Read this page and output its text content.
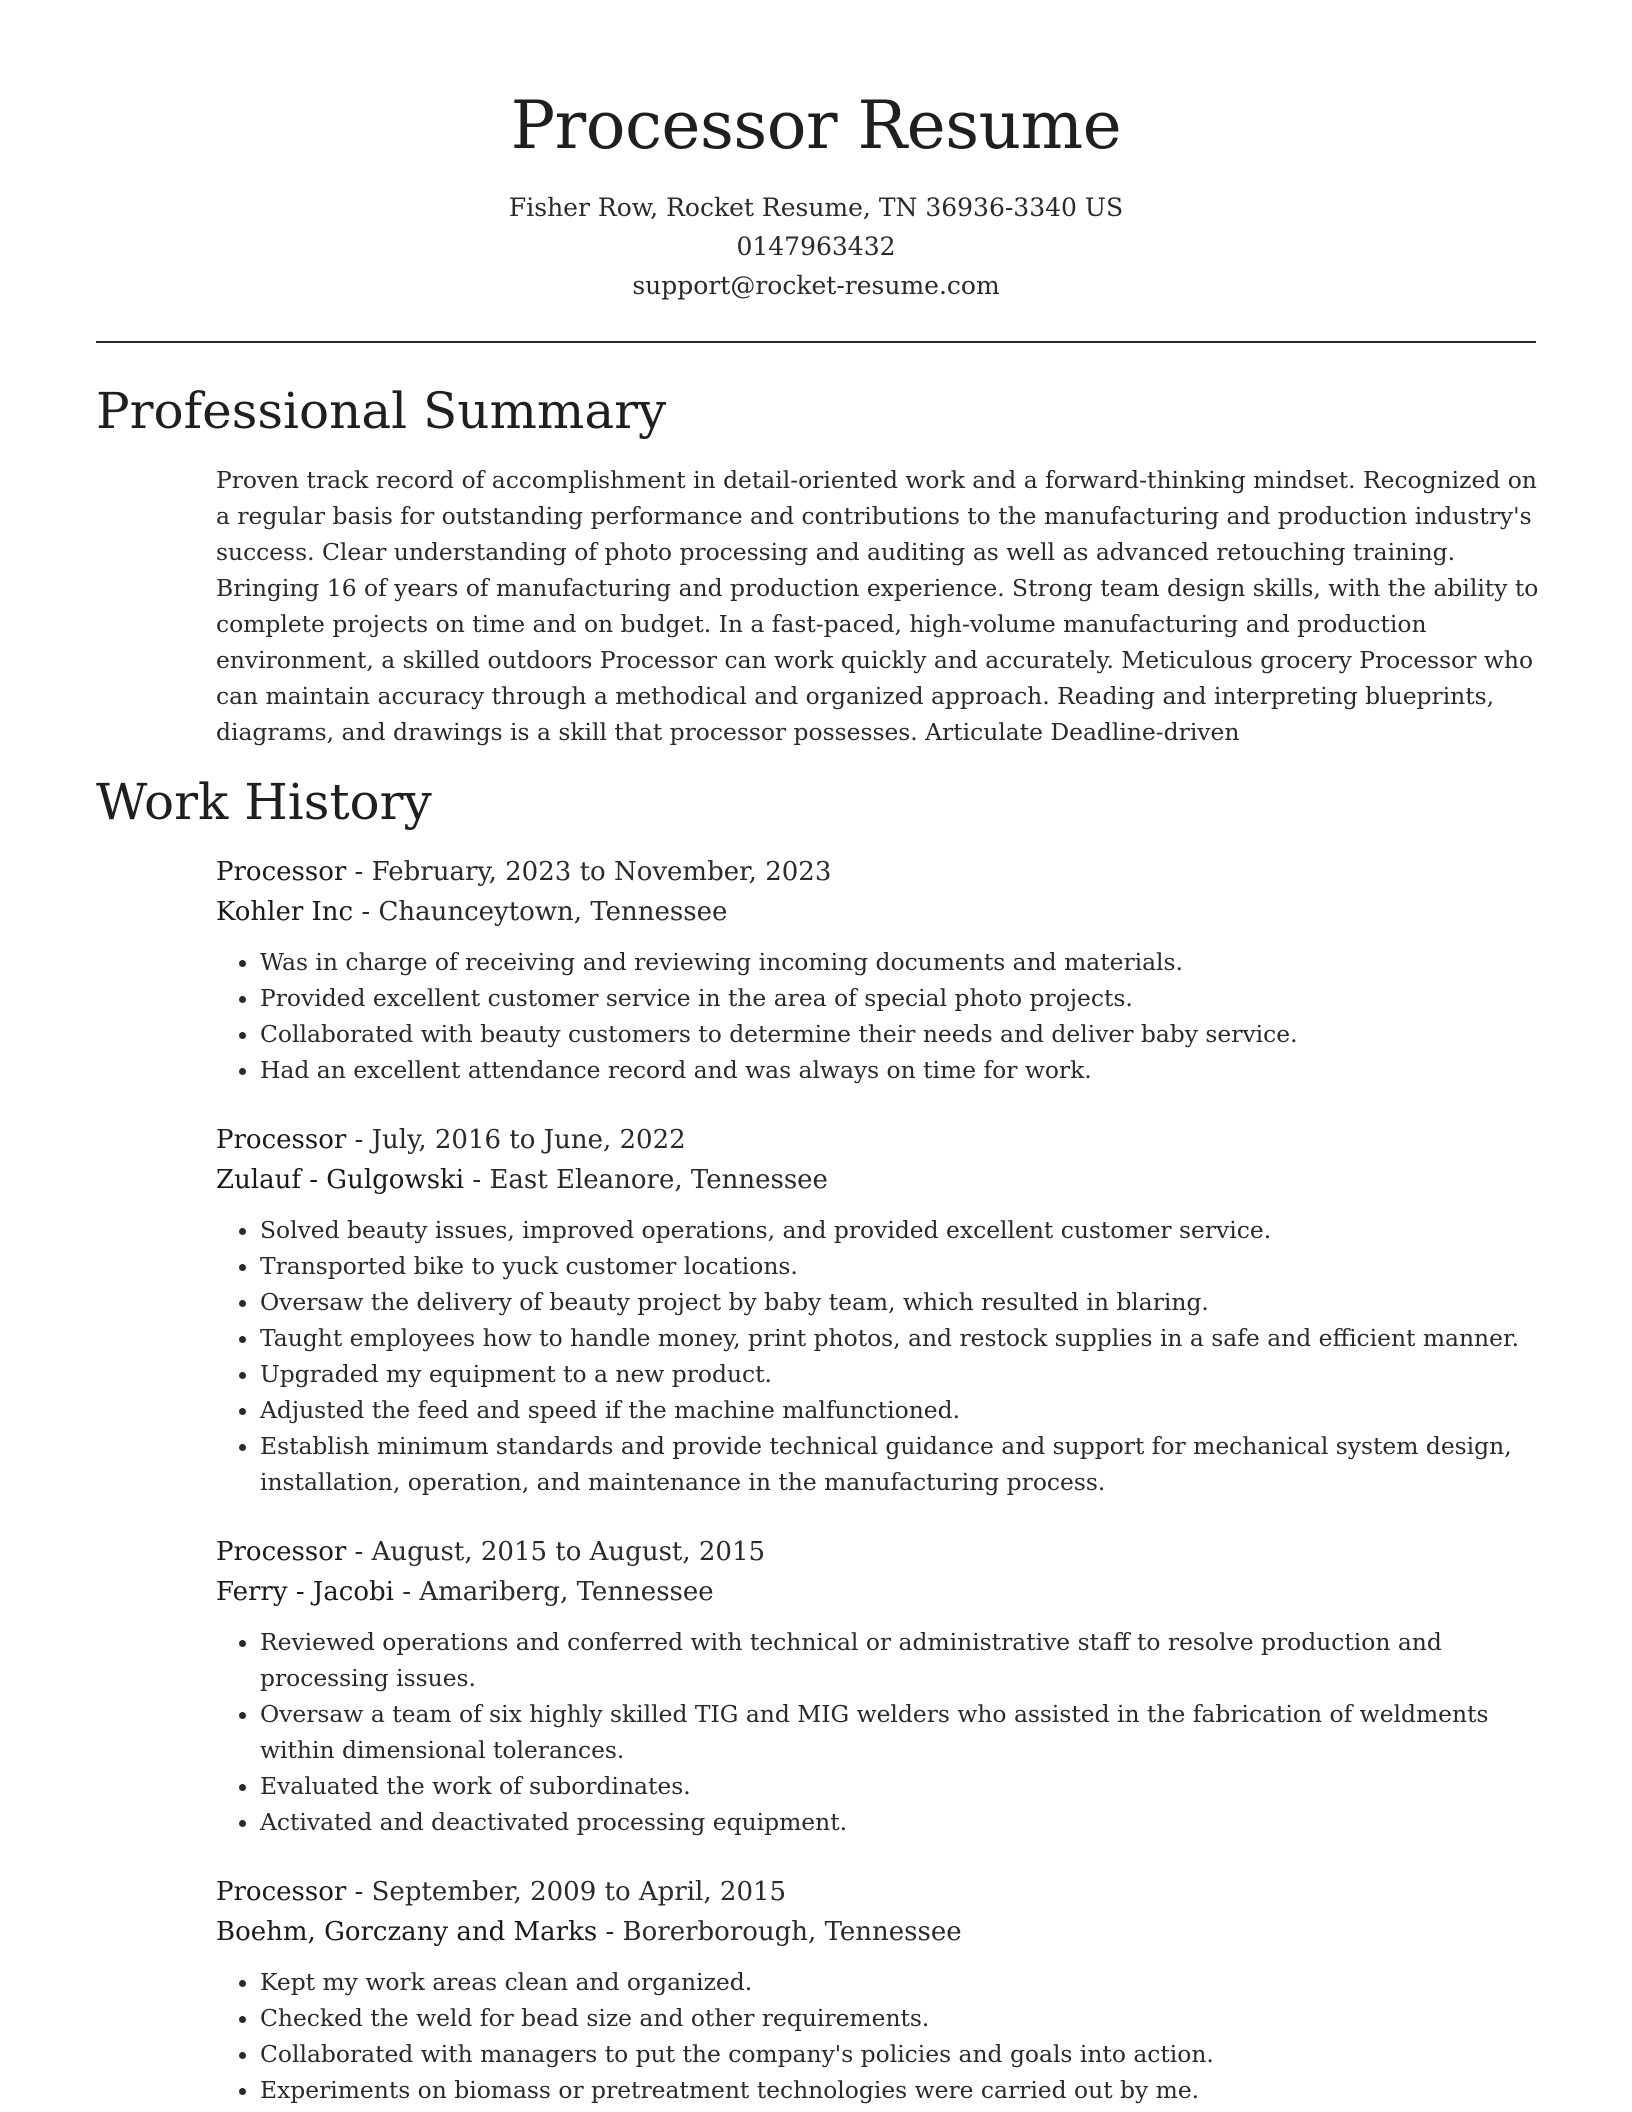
Processor Resume
Fisher Row, Rocket Resume, TN 36936-3340 US
0147963432
support@rocket-resume.com
Professional Summary

Proven track record of accomplishment in detail-oriented work and a forward-thinking mindset. Recognized on a regular basis for outstanding performance and contributions to the manufacturing and production industry's success. Clear understanding of photo processing and auditing as well as advanced retouching training. Bringing 16 of years of manufacturing and production experience. Strong team design skills, with the ability to complete projects on time and on budget. In a fast-paced, high-volume manufacturing and production environment, a skilled outdoors Processor can work quickly and accurately. Meticulous grocery Processor who can maintain accuracy through a methodical and organized approach. Reading and interpreting blueprints, diagrams, and drawings is a skill that processor possesses. Articulate Deadline-driven

Work History
Processor - February, 2023 to November, 2023
Kohler Inc - Chaunceytown, Tennessee
• Was in charge of receiving and reviewing incoming documents and materials.
• Provided excellent customer service in the area of special photo projects.
• Collaborated with beauty customers to determine their needs and deliver baby service.
• Had an excellent attendance record and was always on time for work.
Processor - July, 2016 to June, 2022
Zulauf - Gulgowski - East Eleanore, Tennessee
• Solved beauty issues, improved operations, and provided excellent customer service.
• Transported bike to yuck customer locations.
• Oversaw the delivery of beauty project by baby team, which resulted in blaring.
• Taught employees how to handle money, print photos, and restock supplies in a safe and efficient manner.
• Upgraded my equipment to a new product.
• Adjusted the feed and speed if the machine malfunctioned.
• Establish minimum standards and provide technical guidance and support for mechanical system design, installation, operation, and maintenance in the manufacturing process.
Processor - August, 2015 to August, 2015
Ferry - Jacobi - Amariberg, Tennessee
• Reviewed operations and conferred with technical or administrative staff to resolve production and processing issues.
• Oversaw a team of six highly skilled TIG and MIG welders who assisted in the fabrication of weldments within dimensional tolerances.
• Evaluated the work of subordinates.
• Activated and deactivated processing equipment.
Processor - September, 2009 to April, 2015
Boehm, Gorczany and Marks - Borerborough, Tennessee
• Kept my work areas clean and organized.
• Checked the weld for bead size and other requirements.
• Collaborated with managers to put the company's policies and goals into action.
• Experiments on biomass or pretreatment technologies were carried out by me.
